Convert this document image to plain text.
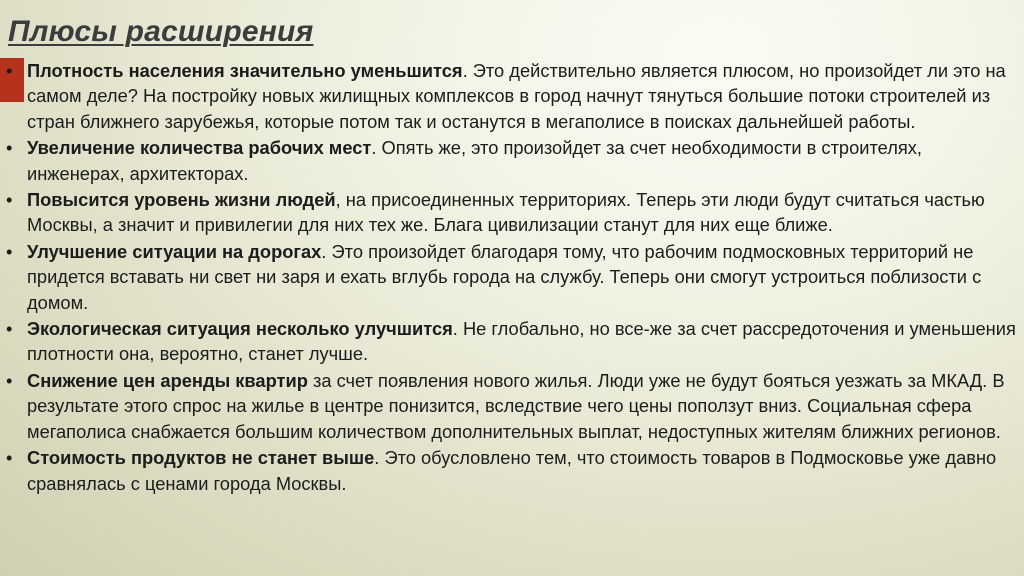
Плюсы расширения
• Плотность населения значительно уменьшится. Это действительно является плюсом, но произойдет ли это на самом деле? На постройку новых жилищных комплексов в город начнут тянуться большие потоки строителей из стран ближнего зарубежья, которые потом так и останутся в мегаполисе в поисках дальнейшей работы.
• Увеличение количества рабочих мест. Опять же, это произойдет за счет необходимости в строителях, инженерах, архитекторах.
• Повысится уровень жизни людей, на присоединенных территориях. Теперь эти люди будут считаться частью Москвы, а значит и привилегии для них тех же. Блага цивилизации станут для них еще ближе.
• Улучшение ситуации на дорогах. Это произойдет благодаря тому, что рабочим подмосковных территорий не придется вставать ни свет ни заря и ехать вглубь города на службу. Теперь они смогут устроиться поблизости с домом.
• Экологическая ситуация несколько улучшится. Не глобально, но все-же за счет рассредоточения и уменьшения плотности она, вероятно, станет лучше.
• Снижение цен аренды квартир за счет появления нового жилья. Люди уже не будут бояться уезжать за МКАД. В результате этого спрос на жилье в центре понизится, вследствие чего цены поползут вниз. Социальная сфера мегаполиса снабжается большим количеством дополнительных выплат, недоступных жителям ближних регионов.
• Стоимость продуктов не станет выше. Это обусловлено тем, что стоимость товаров в Подмосковье уже давно сравнялась с ценами города Москвы.
